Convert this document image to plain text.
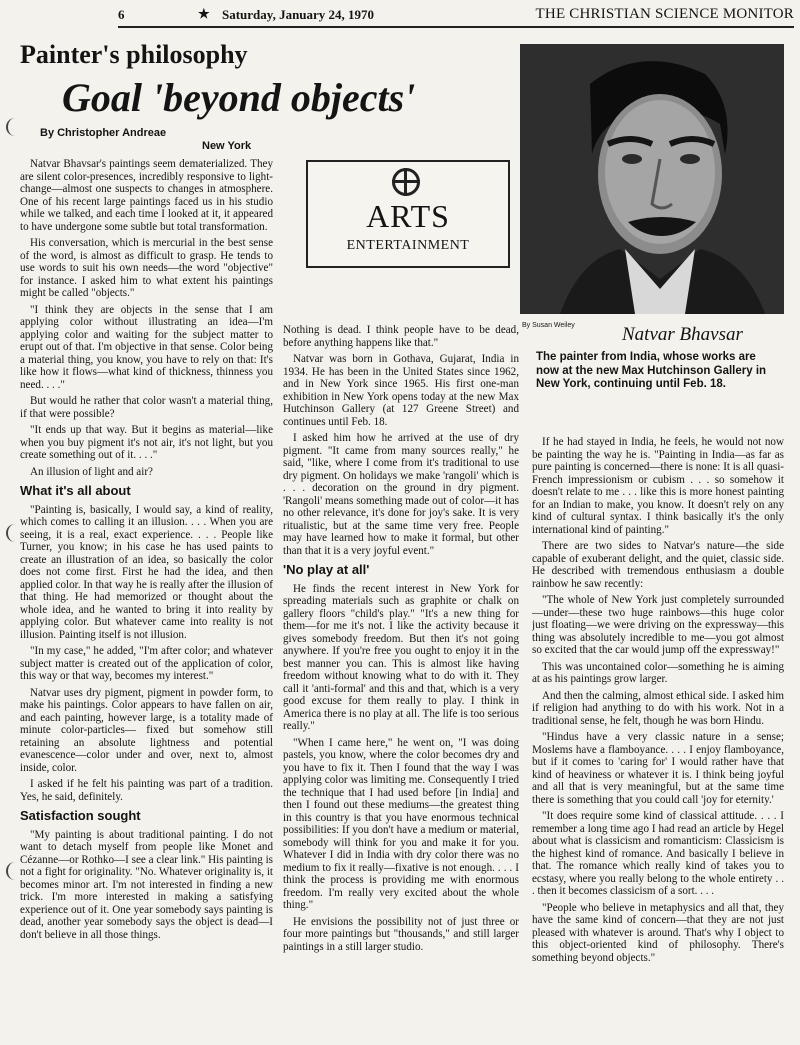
6	★ Saturday, January 24, 1970	THE CHRISTIAN SCIENCE MONITOR
Painter's philosophy
Goal 'beyond objects'
By Christopher Andreae
New York

Natvar Bhavsar's paintings seem dematerialized. They are silent color-presences, incredibly responsive to light-change—almost one suspects to changes in atmosphere. One of his recent large paintings faced us in his studio while we talked, and each time I looked at it, it appeared to have undergone some subtle but total transformation.

His conversation, which is mercurial in the best sense of the word, is almost as difficult to grasp. He tends to use words to suit his own needs—the word "objective" for instance. I asked him to what extent his paintings might be called "objects."

"I think they are objects in the sense that I am applying color without illustrating an idea—I'm applying color and waiting for the subject matter to erupt out of that. I'm objective in that sense. Color being a material thing, you know, you have to rely on that: It's like how it flows—what kind of thickness, thinness you need. . . ."

But would he rather that color wasn't a material thing, if that were possible?

"It ends up that way. But it begins as material—like when you buy pigment it's not air, it's not light, but you create something out of it. . . ."

An illusion of light and air?

What it's all about

"Painting is, basically, I would say, a kind of reality, which comes to calling it an illusion. . . . When you are seeing, it is a real, exact experience. . . . People like Turner, you know; in his case he has used paints to create an illustration of an idea, so basically the color does not come first. First he had the idea, and then applied color. In that way he is really after the illusion of that thing. He had memorized or thought about the whole idea, and he wanted to bring it into reality by applying color. But whatever came into reality is not illusion. Painting itself is not illusion.

"In my case," he added, "I'm after color; and whatever subject matter is created out of the application of color, this way or that way, becomes my interest."

Natvar uses dry pigment, pigment in powder form, to make his paintings. Color appears to have fallen on air, and each painting, however large, is a totality made of minute color-particles— fixed but somehow still retaining an absolute lightness and potential evanescence—color under and over, next to, almost inside, color.

I asked if he felt his painting was part of a tradition. Yes, he said, definitely.

Satisfaction sought

"My painting is about traditional painting. I do not want to detach myself from people like Monet and Cézanne—or Rothko—I see a clear link." His painting is not a fight for originality. "No. Whatever originality is, it becomes minor art. I'm not interested in finding a new trick. I'm more interested in making a satisfying experience out of it. One year somebody says painting is dead, another year somebody says the object is dead—I don't believe in all those things.

ARTS
ENTERTAINMENT

Nothing is dead. I think people have to be dead, before anything happens like that."

Natvar was born in Gothava, Gujarat, India in 1934. He has been in the United States since 1962, and in New York since 1965. His first one-man exhibition in New York opens today at the new Max Hutchinson Gallery (at 127 Greene Street) and continues until Feb. 18.

I asked him how he arrived at the use of dry pigment. "It came from many sources really," he said, "like, where I come from it's traditional to use dry pigment. On holidays we make 'rangoli' which is . . . decoration on the ground in dry pigment. 'Rangoli' means something made out of color—it has no other relevance, it's done for joy's sake. It is very ritualistic, but at the same time very free. People may have learned how to make it formal, but other than that it is a very joyful event."

'No play at all'

He finds the recent interest in New York for spreading materials such as graphite or chalk on gallery floors "child's play." "It's a new thing for them—for me it's not. I like the activity because it gives somebody freedom. But then it's not going anywhere. If you're free you ought to enjoy it in the best manner you can. This is almost like having freedom without knowing what to do with it. They call it 'anti-formal' and this and that, which is a very good excuse for them really to play. I think in America there is no play at all. The life is too serious really."

"When I came here," he went on, "I was doing pastels, you know, where the color becomes dry and you have to fix it. Then I found that the way I was applying color was limiting me. Consequently I tried the technique that I had used before [in India] and then I found out these mediums—the greatest thing in this country is that you have enormous technical possibilities: If you don't have a medium or material, somebody will think for you and make it for you. Whatever I did in India with dry color there was no medium to fix it really—fixative is not enough. . . . I think the process is providing me with enormous freedom. I'm really very excited about the whole thing."

He envisions the possibility not of just three or four more paintings but "thousands," and still larger paintings in a still larger studio.

By Susan Weiley Natvar Bhavsar
The painter from India, whose works are now at the new Max Hutchinson Gallery in New York, continuing until Feb. 18.

If he had stayed in India, he feels, he would not now be painting the way he is. "Painting in India—as far as pure painting is concerned—there is none: It is all quasi-French impressionism or cubism . . . so somehow it doesn't relate to me . . . like this is more honest painting for an Indian to make, you know. It doesn't rely on any kind of cultural syntax. I think basically it's the only international kind of painting."

There are two sides to Natvar's nature—the side capable of exuberant delight, and the quiet, classic side. He described with tremendous enthusiasm a double rainbow he saw recently:

"The whole of New York just completely surrounded—under—these two huge rainbows—this huge color just floating—we were driving on the expressway—this thing was absolutely incredible to me—you got almost so excited that the car would jump off the expressway!"

This was uncontained color—something he is aiming at as his paintings grow larger.

And then the calming, almost ethical side. I asked him if religion had anything to do with his work. Not in a traditional sense, he felt, though he was born Hindu.

"Hindus have a very classic nature in a sense; Moslems have a flamboyance. . . . I enjoy flamboyance, but if it comes to 'caring for' I would rather have that kind of heaviness or whatever it is. I think being joyful and all that is very meaningful, but at the same time there is something that you could call 'joy for eternity.'

"It does require some kind of classical attitude. . . . I remember a long time ago I had read an article by Hegel about what is classicism and romanticism: Classicism is the highest kind of romance. And basically I believe in that. The romance which really kind of takes you to ecstasy, where you really belong to the whole entirety . . . then it becomes classicism of a sort. . . .

"People who believe in metaphysics and all that, they have the same kind of concern—that they are not just pleased with whatever is around. That's why I object to this object-oriented kind of philosophy. There's something beyond objects."
